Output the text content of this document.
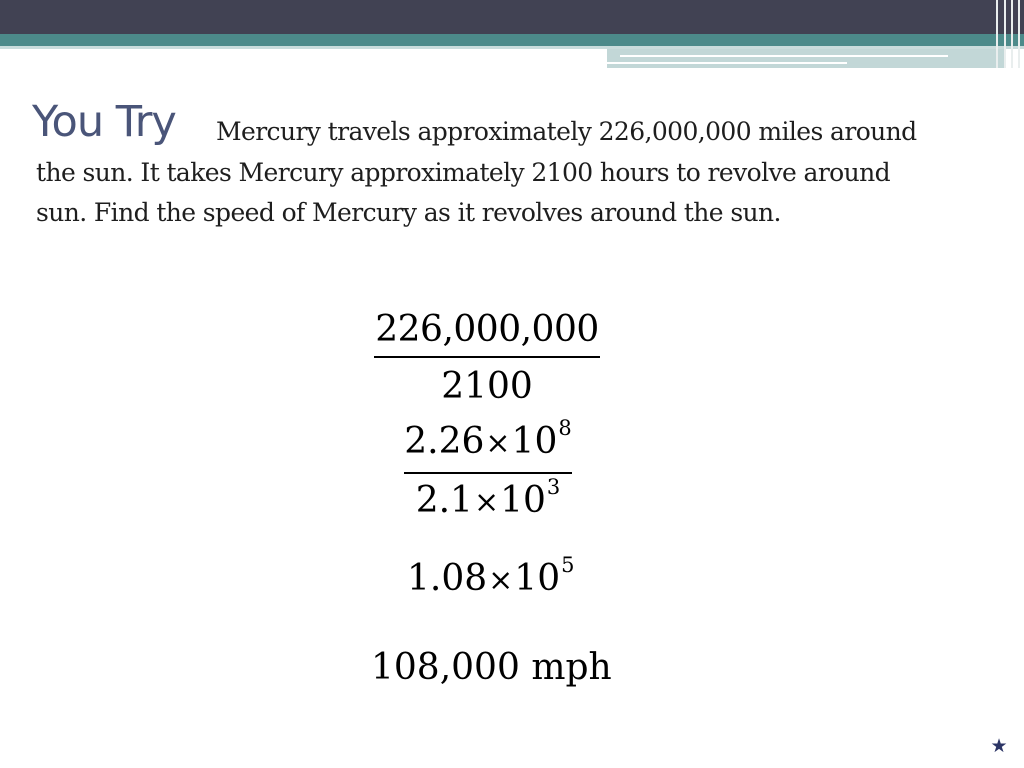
You Try	Mercury travels approximately 226,000,000 miles around the sun. It takes Mercury approximately 2100 hours to revolve around sun. Find the speed of Mercury as it revolves around the sun.

226,000,000
2100
$2.26\times 10^8$
$2.1\times 10^3$
$1.08\times 10^5$
108,000 mph
★
